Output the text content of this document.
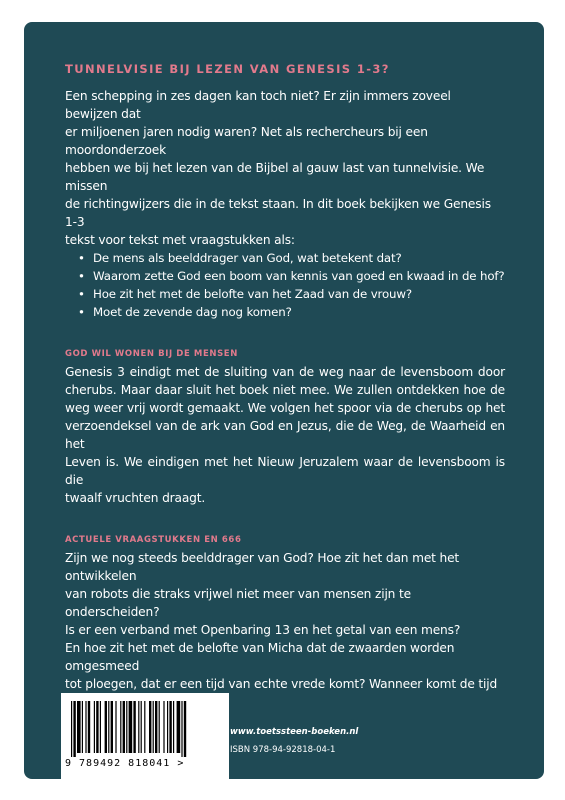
TUNNELVISIE BIJ LEZEN VAN GENESIS 1-3?

Een schepping in zes dagen kan toch niet? Er zijn immers zoveel bewijzen dat

er miljoenen jaren nodig waren? Net als rechercheurs bij een moordonderzoek

hebben we bij het lezen van de Bijbel al gauw last van tunnelvisie. We missen

de richtingwijzers die in de tekst staan. In dit boek bekijken we Genesis 1-3

tekst voor tekst met vraagstukken als:

• De mens als beelddrager van God, wat betekent dat?
• Waarom zette God een boom van kennis van goed en kwaad in de hof?
• Hoe zit het met de belofte van het Zaad van de vrouw?
• Moet de zevende dag nog komen?
GOD WIL WONEN BIJ DE MENSEN

Genesis 3 eindigt met de sluiting van de weg naar de levensboom door

cherubs. Maar daar sluit het boek niet mee. We zullen ontdekken hoe de

weg weer vrij wordt gemaakt. We volgen het spoor via de cherubs op het

verzoendeksel van de ark van God en Jezus, die de Weg, de Waarheid en het

Leven is. We eindigen met het Nieuw Jeruzalem waar de levensboom is die

twaalf vruchten draagt.

ACTUELE VRAAGSTUKKEN EN 666

Zijn we nog steeds beelddrager van God? Hoe zit het dan met het ontwikkelen

van robots die straks vrijwel niet meer van mensen zijn te onderscheiden?

Is er een verband met Openbaring 13 en het getal van een mens?

En hoe zit het met de belofte van Micha dat de zwaarden worden omgesmeed

tot ploegen, dat er een tijd van echte vrede komt? Wanneer komt de tijd

9 789492 818041 >
www.toetssteen-boeken.nl
ISBN 978-94-92818-04-1
